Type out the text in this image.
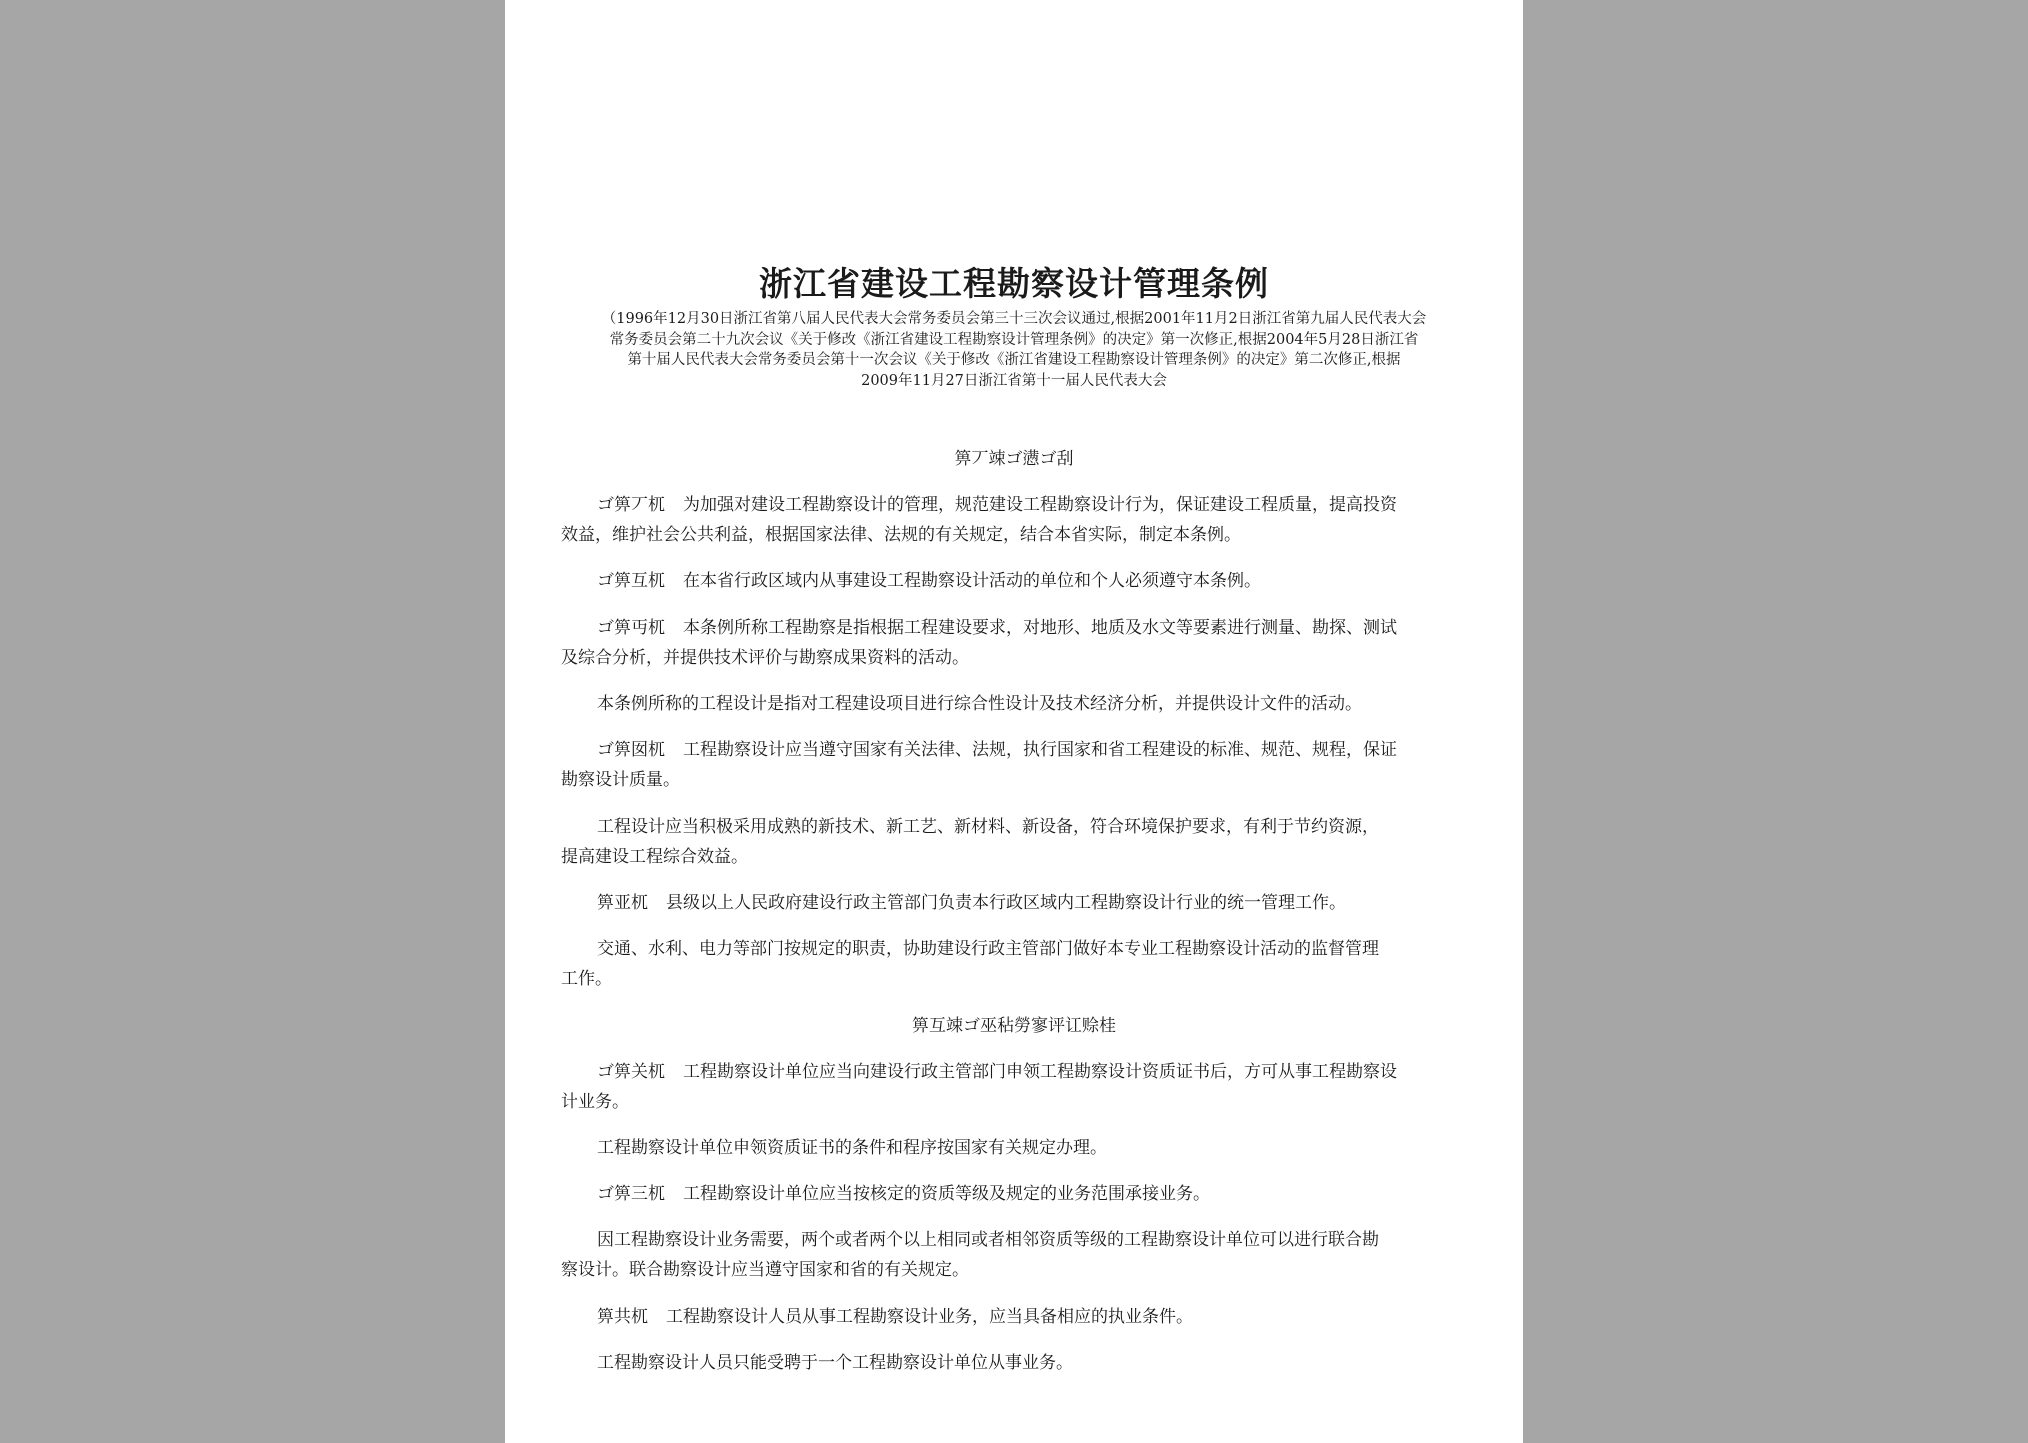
浙江省建设工程勘察设计管理条例
（1996年12月30日浙江省第八届人民代表大会常务委员会第三十三次会议通过,根据2001年11月2日浙江省第九届人民代表大会
常务委员会第二十九次会议《关于修改《浙江省建设工程勘察设计管理条例》的决定》第一次修正,根据2004年5月28日浙江省
第十届人民代表大会常务委员会第十一次会议《关于修改《浙江省建设工程勘察设计管理条例》的决定》第二次修正,根据
2009年11月27日浙江省第十一届人民代表大会
箅丆竦ゴ懑ゴ刮
ゴ箅丆杌 为加强对建设工程勘察设计的管理，规范建设工程勘察设计行为，保证建设工程质量，提高投资
效益，维护社会公共利益，根据国家法律、法规的有关规定，结合本省实际，制定本条例。
ゴ箅互杌 在本省行政区域内从事建设工程勘察设计活动的单位和个人必须遵守本条例。
ゴ箅丏杌 本条例所称工程勘察是指根据工程建设要求，对地形、地质及水文等要素进行测量、勘探、测试
及综合分析，并提供技术评价与勘察成果资料的活动。
本条例所称的工程设计是指对工程建设项目进行综合性设计及技术经济分析，并提供设计文件的活动。
ゴ箅囡杌 工程勘察设计应当遵守国家有关法律、法规，执行国家和省工程建设的标准、规范、规程，保证
勘察设计质量。
工程设计应当积极采用成熟的新技术、新工艺、新材料、新设备，符合环境保护要求，有利于节约资源，
提高建设工程综合效益。
箅亚杌 县级以上人民政府建设行政主管部门负责本行政区域内工程勘察设计行业的统一管理工作。
交通、水利、电力等部门按规定的职责，协助建设行政主管部门做好本专业工程勘察设计活动的监督管理
工作。
箅互竦ゴ巫秥勞寥评讧赊桂
ゴ箅关杌 工程勘察设计单位应当向建设行政主管部门申领工程勘察设计资质证书后，方可从事工程勘察设
计业务。
工程勘察设计单位申领资质证书的条件和程序按国家有关规定办理。
ゴ箅三杌 工程勘察设计单位应当按核定的资质等级及规定的业务范围承接业务。
因工程勘察设计业务需要，两个或者两个以上相同或者相邻资质等级的工程勘察设计单位可以进行联合勘
察设计。联合勘察设计应当遵守国家和省的有关规定。
箅共杌 工程勘察设计人员从事工程勘察设计业务，应当具备相应的执业条件。
工程勘察设计人员只能受聘于一个工程勘察设计单位从事业务。
